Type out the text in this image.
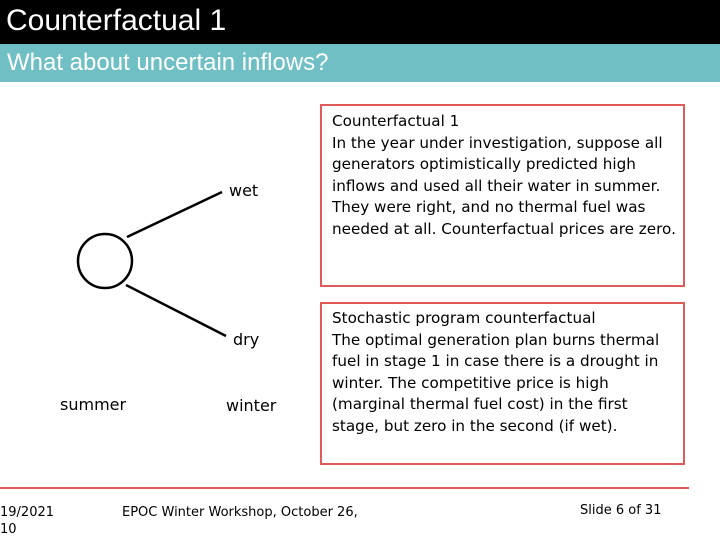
Counterfactual 1
What about uncertain inflows?
wet
dry
summer	winter

Counterfactual 1

In the year under investigation, suppose all generators optimistically predicted high inflows and used all their water in summer. They were right, and no thermal fuel was needed at all. Counterfactual prices are zero.

Stochastic program counterfactual

The optimal generation plan burns thermal fuel in stage 1 in case there is a drought in winter. The competitive price is high (marginal thermal fuel cost) in the first stage, but zero in the second (if wet).

19/2021
10
EPOC Winter Workshop, October 26,	Slide 6 of 31
